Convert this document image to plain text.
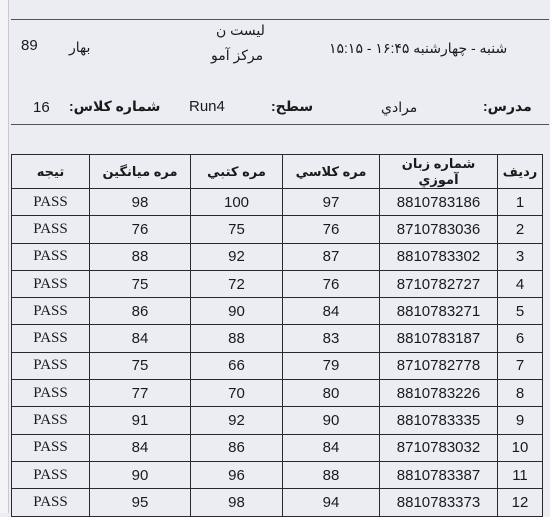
89 بهار
لیست ن
مرکز آمو	شنبه - چهارشنبه ۱۶:۴۵ - ۱۵:۱۵
16 شماره کلاس: Run4	سطح:	مرادي	مدرس:
ردیف	شماره زبان آموزي	مره کلاسي	مره کتبي	مره میانگین	تیجه
1	8810783186	97	100	98	PASS
2	8710783036	76	75	76	PASS
3	8810783302	87	92	88	PASS
4	8710782727	76	72	75	PASS
5	8810783271	84	90	86	PASS
6	8810783187	83	88	84	PASS
7	8710782778	79	66	75	PASS
8	8810783226	80	70	77	PASS
9	8810783335	90	92	91	PASS
10	8710783032	84	86	84	PASS
11	8810783387	88	96	90	PASS
12	8810783373	94	98	95	PASS
